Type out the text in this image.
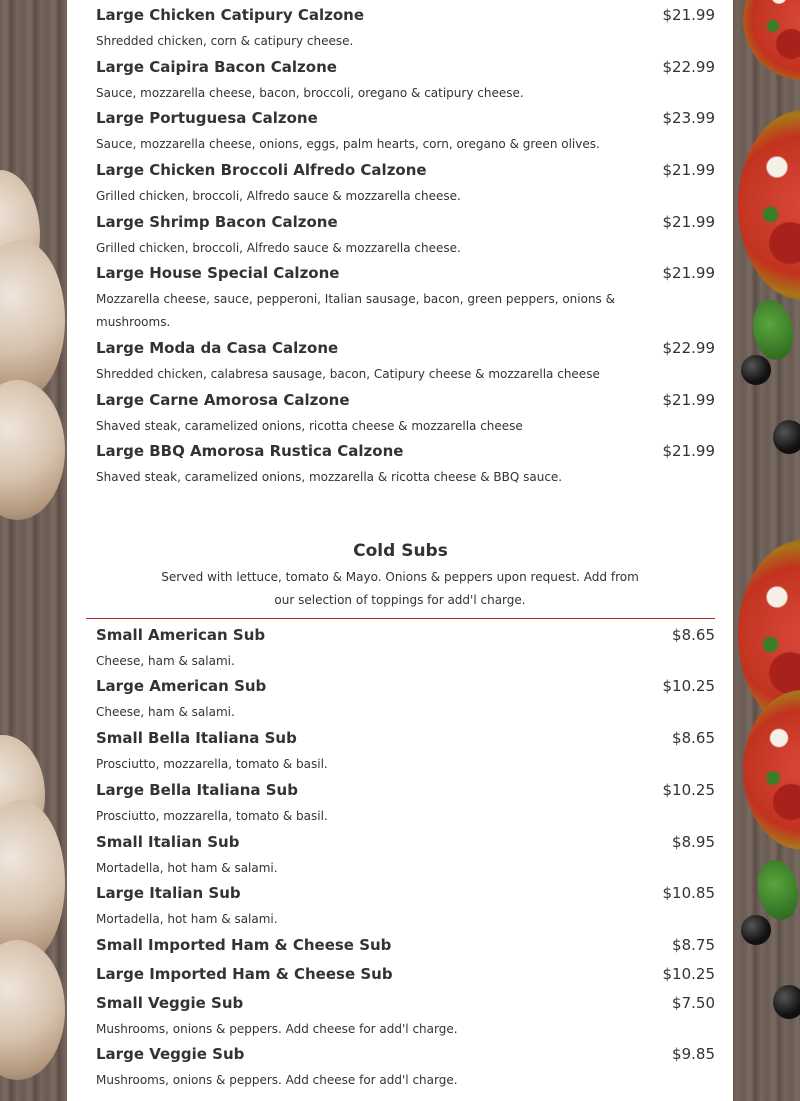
Large Chicken Catipury Calzone	$21.99
Shredded chicken, corn & catipury cheese.
Large Caipira Bacon Calzone	$22.99
Sauce, mozzarella cheese, bacon, broccoli, oregano & catipury cheese.
Large Portuguesa Calzone	$23.99
Sauce, mozzarella cheese, onions, eggs, palm hearts, corn, oregano & green olives.
Large Chicken Broccoli Alfredo Calzone	$21.99
Grilled chicken, broccoli, Alfredo sauce & mozzarella cheese.
Large Shrimp Bacon Calzone	$21.99
Grilled chicken, broccoli, Alfredo sauce & mozzarella cheese.
Large House Special Calzone	$21.99
Mozzarella cheese, sauce, pepperoni, Italian sausage, bacon, green peppers, onions & mushrooms.
Large Moda da Casa Calzone	$22.99
Shredded chicken, calabresa sausage, bacon, Catipury cheese & mozzarella cheese
Large Carne Amorosa Calzone	$21.99
Shaved steak, caramelized onions, ricotta cheese & mozzarella cheese
Large BBQ Amorosa Rustica Calzone	$21.99
Shaved steak, caramelized onions, mozzarella & ricotta cheese & BBQ sauce.
Cold Subs
Served with lettuce, tomato & Mayo. Onions & peppers upon request. Add from our selection of toppings for add'l charge.
Small American Sub	$8.65
Cheese, ham & salami.
Large American Sub	$10.25
Cheese, ham & salami.
Small Bella Italiana Sub	$8.65
Prosciutto, mozzarella, tomato & basil.
Large Bella Italiana Sub	$10.25
Prosciutto, mozzarella, tomato & basil.
Small Italian Sub	$8.95
Mortadella, hot ham & salami.
Large Italian Sub	$10.85
Mortadella, hot ham & salami.
Small Imported Ham & Cheese Sub	$8.75
Large Imported Ham & Cheese Sub	$10.25
Small Veggie Sub	$7.50
Mushrooms, onions & peppers. Add cheese for add'l charge.
Large Veggie Sub	$9.85
Mushrooms, onions & peppers. Add cheese for add'l charge.
